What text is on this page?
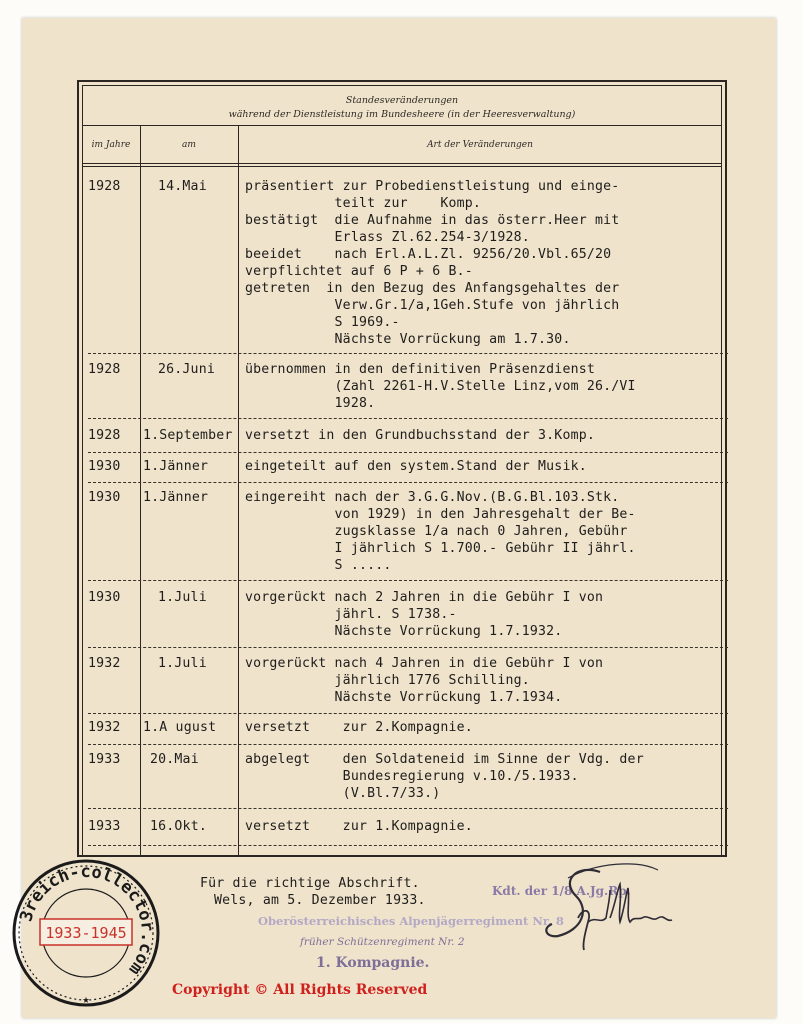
Standesveränderungen
während der Dienstleistung im Bundesheere (in der Heeresverwaltung)
im Jahre	am	Art der Veränderungen
1928	14.Mai	präsentiert zur Probedienstleistung und einge-
teilt zur    Komp.
bestätigt  die Aufnahme in das österr.Heer mit
Erlass Zl.62.254-3/1928.
beeidet    nach Erl.A.L.Zl. 9256/20.Vbl.65/20
verpflichtet auf 6 P + 6 B.-
getreten  in den Bezug des Anfangsgehaltes der
Verw.Gr.1/a,1Geh.Stufe von jährlich
S 1969.-
Nächste Vorrückung am 1.7.30.
1928	26.Juni übernommen in den definitiven Präsenzdienst
(Zahl 2261-H.V.Stelle Linz,vom 26./VI
1928.
1928 1.September versetzt in den Grundbuchsstand der 3.Komp.
1930 1.Jänner	eingeteilt auf den system.Stand der Musik.
1930 1.Jänner	eingereiht nach der 3.G.G.Nov.(B.G.Bl.103.Stk.
von 1929) in den Jahresgehalt der Be-
zugsklasse 1/a nach 0 Jahren, Gebühr
I jährlich S 1.700.- Gebühr II jährl.
S .....
1930	1.Juli	vorgerückt nach 2 Jahren in die Gebühr I von
jährl. S 1738.-
Nächste Vorrückung 1.7.1932.
1932	1.Juli	vorgerückt nach 4 Jahren in die Gebühr I von
jährlich 1776 Schilling.
Nächste Vorrückung 1.7.1934.
1932 1.A ugust versetzt    zur 2.Kompagnie.
1933 20.Mai	abgelegt    den Soldateneid im Sinne der Vdg. der
Bundesregierung v.10./5.1933.
(V.Bl.7/33.)
1933 16.Okt.	versetzt    zur 1.Kompagnie.
Für die richtige Abschrift.
Wels, am 5. Dezember 1933.
Kdt. der 1/8 A.Jg.Rp.
Oberösterreichisches Alpenjägerregiment Nr. 8
früher Schützenregiment Nr. 2
1. Kompagnie.
Spillenau
3reich-collector.com
1933-1945
★
Copyright © All Rights Reserved
